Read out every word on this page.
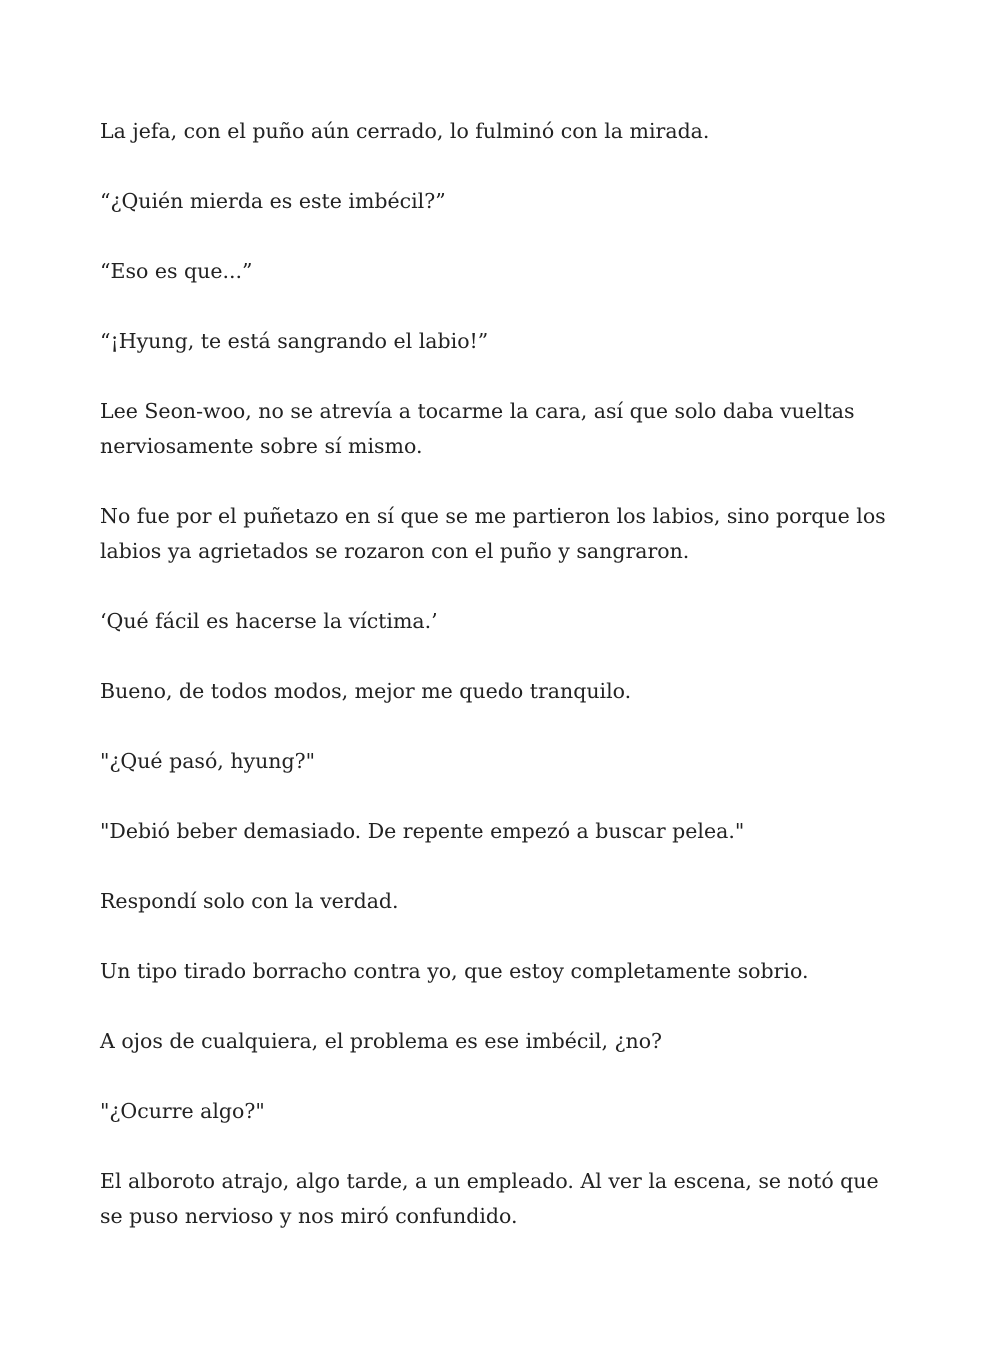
La jefa, con el puño aún cerrado, lo fulminó con la mirada.

“¿Quién mierda es este imbécil?”

“Eso es que...”

“¡Hyung, te está sangrando el labio!”

Lee Seon-woo, no se atrevía a tocarme la cara, así que solo daba vueltas nerviosamente sobre sí mismo.

No fue por el puñetazo en sí que se me partieron los labios, sino porque los labios ya agrietados se rozaron con el puño y sangraron.

‘Qué fácil es hacerse la víctima.’

Bueno, de todos modos, mejor me quedo tranquilo.

"¿Qué pasó, hyung?"

"Debió beber demasiado. De repente empezó a buscar pelea."

Respondí solo con la verdad.

Un tipo tirado borracho contra yo, que estoy completamente sobrio.

A ojos de cualquiera, el problema es ese imbécil, ¿no?

"¿Ocurre algo?"

El alboroto atrajo, algo tarde, a un empleado. Al ver la escena, se notó que se puso nervioso y nos miró confundido.
